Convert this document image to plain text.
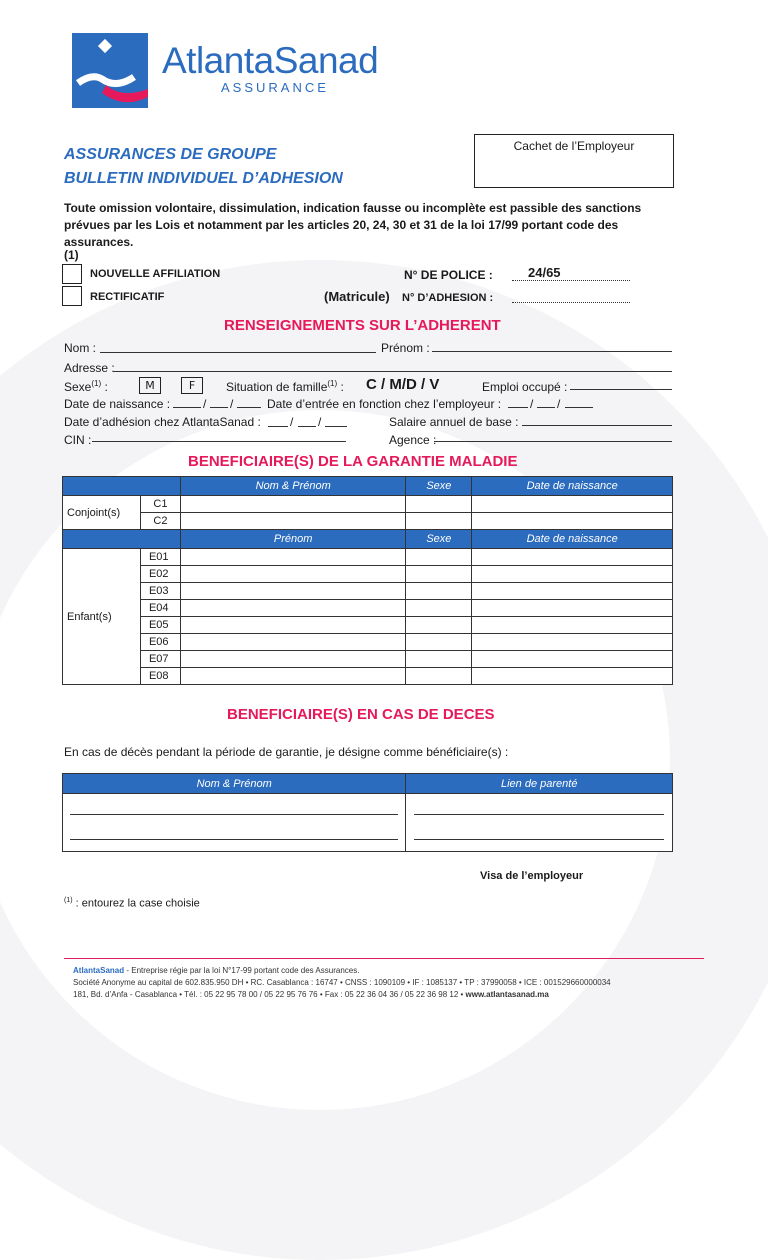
AtlantaSanad
ASSURANCE
ASSURANCES DE GROUPE
BULLETIN INDIVIDUEL D’ADHESION
Cachet de l’Employeur
Toute omission volontaire, dissimulation, indication fausse ou incomplète est passible des sanctions prévues par les Lois et notamment par les articles 20, 24, 30 et 31 de la loi 17/99 portant code des assurances.
(1)
NOUVELLE AFFILIATION
RECTIFICATIF
N° DE POLICE :	24/65
(Matricule) N° D’ADHESION :
RENSEIGNEMENTS SUR L’ADHERENT
Nom :	Prénom :
Adresse :
Sexe$^{(1)}$ :	M	F	Situation de famille$^{(1)}$ : C / M/D / V	Emploi occupé :
Date de naissance :	/ /	Date d’entrée en fonction chez l’employeur : / /
Date d’adhésion chez AtlantaSanad : / /	Salaire annuel de base :
CIN :	Agence :
BENEFICIAIRE(S) DE LA GARANTIE MALADIE
		Nom & Prénom	Sexe	Date de naissance
Conjoint(s)	C1			
	C2			
		Prénom	Sexe	Date de naissance
Enfant(s)	E01			
	E02			
	E03			
	E04			
	E05			
	E06			
	E07			
	E08			
BENEFICIAIRE(S) EN CAS DE DECES
En cas de décès pendant la période de garantie, je désigne comme bénéficiaire(s) :
Nom & Prénom	Lien de parenté

Visa de l’employeur
$^{(1)}$ : entourez la case choisie
AtlantaSanad - Entreprise régie par la loi N°17-99 portant code des Assurances.
Société Anonyme au capital de 602.835.950 DH • RC. Casablanca : 16747 • CNSS : 1090109 • IF : 1085137 • TP : 37990058 • ICE : 001529660000034
181, Bd. d’Anfa - Casablanca • Tél. : 05 22 95 78 00 / 05 22 95 76 76 • Fax : 05 22 36 04 36 / 05 22 36 98 12 • www.atlantasanad.ma
